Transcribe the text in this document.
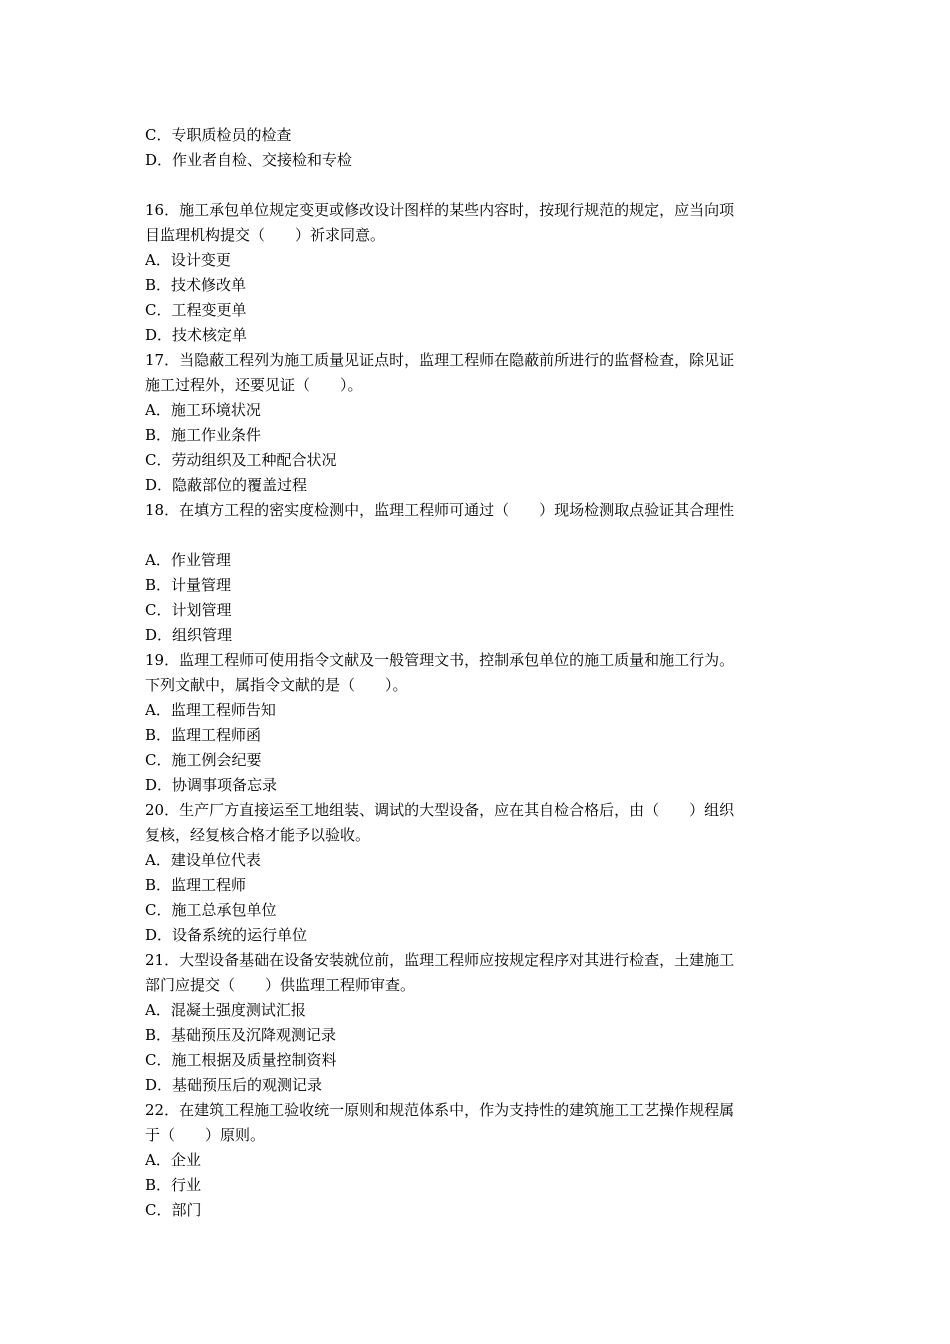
C．专职质检员的检查
D．作业者自检、交接检和专检
16．施工承包单位规定变更或修改设计图样的某些内容时，按现行规范的规定，应当向项
目监理机构提交（　　）祈求同意。
A．设计变更
B．技术修改单
C．工程变更单
D．技术核定单
17．当隐蔽工程列为施工质量见证点时，监理工程师在隐蔽前所进行的监督检查，除见证
施工过程外，还要见证（　　）。
A．施工环境状况
B．施工作业条件
C．劳动组织及工种配合状况
D．隐蔽部位的覆盖过程
18．在填方工程的密实度检测中，监理工程师可通过（　　）现场检测取点验证其合理性
A．作业管理
B．计量管理
C．计划管理
D．组织管理
19．监理工程师可使用指令文献及一般管理文书，控制承包单位的施工质量和施工行为。
下列文献中，属指令文献的是（　　）。
A．监理工程师告知
B．监理工程师函
C．施工例会纪要
D．协调事项备忘录
20．生产厂方直接运至工地组装、调试的大型设备，应在其自检合格后，由（　　）组织
复核，经复核合格才能予以验收。
A．建设单位代表
B．监理工程师
C．施工总承包单位
D．设备系统的运行单位
21．大型设备基础在设备安装就位前，监理工程师应按规定程序对其进行检查，土建施工
部门应提交（　　）供监理工程师审查。
A．混凝土强度测试汇报
B．基础预压及沉降观测记录
C．施工根据及质量控制资料
D．基础预压后的观测记录
22．在建筑工程施工验收统一原则和规范体系中，作为支持性的建筑施工工艺操作规程属
于（　　）原则。
A．企业
B．行业
C．部门
